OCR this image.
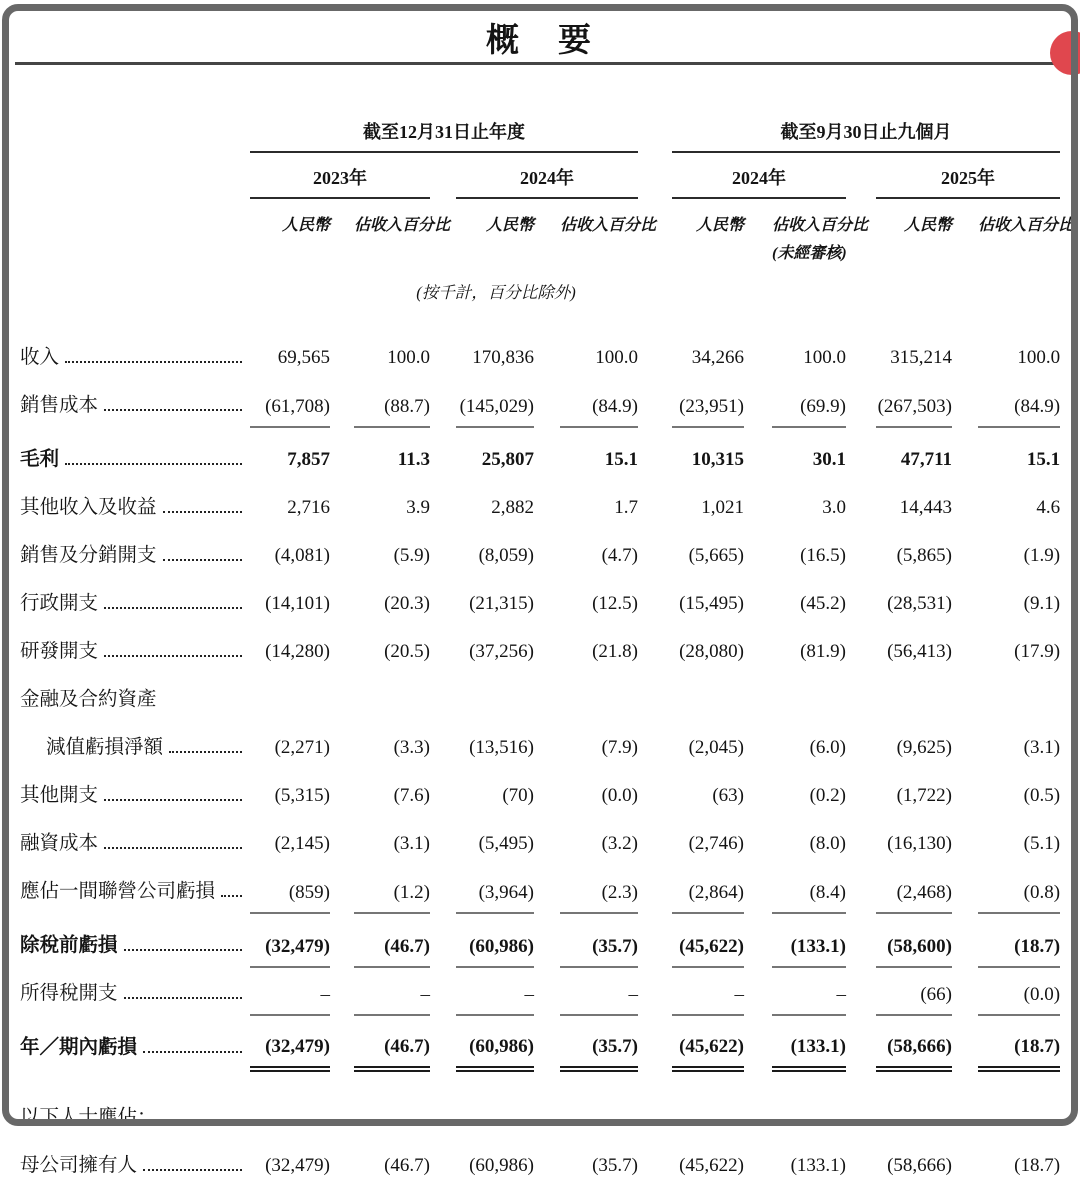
概　要
	截至12月31日止年度								截至9月30日止九個月						
	2023年				2024年				2024年				2025年		
	人民幣		佔收入百分比		人民幣		佔收入百分比		人民幣		佔收入百分比		人民幣		佔收入百分比
											(未經審核)				
			(按千計，百分比除外)												

收入	69,565		100.0		170,836		100.0		34,266		100.0		315,214		100.0

銷售成本	(61,708)		(88.7)		(145,029)		(84.9)		(23,951)		(69.9)		(267,503)		(84.9)

毛利	7,857		11.3		25,807		15.1		10,315		30.1		47,711		15.1

其他收入及收益	2,716		3.9		2,882		1.7		1,021		3.0		14,443		4.6

銷售及分銷開支	(4,081)		(5.9)		(8,059)		(4.7)		(5,665)		(16.5)		(5,865)		(1.9)

行政開支	(14,101)		(20.3)		(21,315)		(12.5)		(15,495)		(45.2)		(28,531)		(9.1)

研發開支	(14,280)		(20.5)		(37,256)		(21.8)		(28,080)		(81.9)		(56,413)		(17.9)

金融及合約資產															

減值虧損淨額	(2,271)		(3.3)		(13,516)		(7.9)		(2,045)		(6.0)		(9,625)		(3.1)

其他開支	(5,315)		(7.6)		(70)		(0.0)		(63)		(0.2)		(1,722)		(0.5)

融資成本	(2,145)		(3.1)		(5,495)		(3.2)		(2,746)		(8.0)		(16,130)		(5.1)

應佔一間聯營公司虧損	(859)		(1.2)		(3,964)		(2.3)		(2,864)		(8.4)		(2,468)		(0.8)

除稅前虧損	(32,479)		(46.7)		(60,986)		(35.7)		(45,622)		(133.1)		(58,600)		(18.7)

所得稅開支	–		–		–		–		–		–		(66)		(0.0)

年／期內虧損	(32,479)		(46.7)		(60,986)		(35.7)		(45,622)		(133.1)		(58,666)		(18.7)

以下人士應佔：															

母公司擁有人	(32,479)		(46.7)		(60,986)		(35.7)		(45,622)		(133.1)		(58,666)		(18.7)
